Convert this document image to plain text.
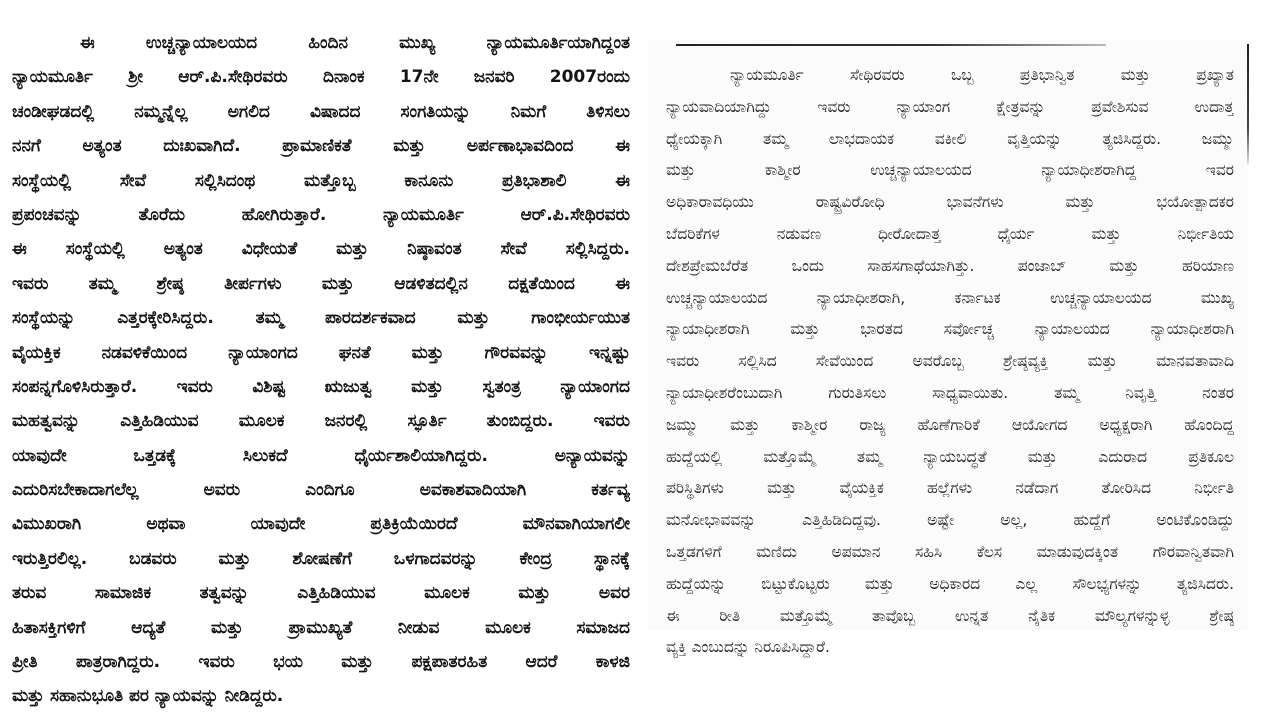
ಈ ಉಚ್ಚನ್ಯಾಯಾಲಯದ ಹಿಂದಿನ ಮುಖ್ಯ ನ್ಯಾಯಮೂರ್ತಿಯಾಗಿದ್ದಂತ
ನ್ಯಾಯಮೂರ್ತಿ ಶ್ರೀ ಆರ್.ಪಿ.ಸೇಥಿರವರು ದಿನಾಂಕ 17ನೇ ಜನವರಿ 2007ರಂದು
ಚಂಡೀಘಡದಲ್ಲಿ ನಮ್ಮನ್ನೆಲ್ಲ ಅಗಲಿದ ವಿಷಾದದ ಸಂಗತಿಯನ್ನು ನಿಮಗೆ ತಿಳಿಸಲು
ನನಗೆ ಅತ್ಯಂತ ದುಃಖವಾಗಿದೆ. ಪ್ರಾಮಾಣಿಕತೆ ಮತ್ತು ಅರ್ಪಣಾಭಾವದಿಂದ ಈ
ಸಂಸ್ಥೆಯಲ್ಲಿ ಸೇವೆ ಸಲ್ಲಿಸಿದಂಥ ಮತ್ತೊಬ್ಬ ಕಾನೂನು ಪ್ರತಿಭಾಶಾಲಿ ಈ
ಪ್ರಪಂಚವನ್ನು ತೊರೆದು ಹೋಗಿರುತ್ತಾರೆ. ನ್ಯಾಯಮೂರ್ತಿ ಆರ್.ಪಿ.ಸೇಥಿರವರು
ಈ ಸಂಸ್ಥೆಯಲ್ಲಿ ಅತ್ಯಂತ ವಿಧೇಯತೆ ಮತ್ತು ನಿಷ್ಠಾವಂತ ಸೇವೆ ಸಲ್ಲಿಸಿದ್ದರು.
ಇವರು ತಮ್ಮ ಶ್ರೇಷ್ಠ ತೀರ್ಪಗಳು ಮತ್ತು ಆಡಳಿತದಲ್ಲಿನ ದಕ್ಷತೆಯಿಂದ ಈ
ಸಂಸ್ಥೆಯನ್ನು ಎತ್ತರಕ್ಕೇರಿಸಿದ್ದರು. ತಮ್ಮ ಪಾರದರ್ಶಕವಾದ ಮತ್ತು ಗಾಂಭೀರ್ಯಯುತ
ವೈಯಕ್ತಿಕ ನಡವಳಿಕೆಯಿಂದ ನ್ಯಾಯಾಂಗದ ಘನತೆ ಮತ್ತು ಗೌರವವನ್ನು ಇನ್ನಷ್ಟು
ಸಂಪನ್ನಗೊಳಿಸಿರುತ್ತಾರೆ. ಇವರು ವಿಶಿಷ್ಟ ಋಜುತ್ವ ಮತ್ತು ಸ್ವತಂತ್ರ ನ್ಯಾಯಾಂಗದ
ಮಹತ್ವವನ್ನು ಎತ್ತಿಹಿಡಿಯುವ ಮೂಲಕ ಜನರಲ್ಲಿ ಸ್ಫೂರ್ತಿ ತುಂಬಿದ್ದರು. ಇವರು
ಯಾವುದೇ ಒತ್ತಡಕ್ಕೆ ಸಿಲುಕದೆ ಧೈರ್ಯಶಾಲಿಯಾಗಿದ್ದರು. ಅನ್ಯಾಯವನ್ನು
ಎದುರಿಸಬೇಕಾದಾಗಲೆಲ್ಲ ಅವರು ಎಂದಿಗೂ ಅವಕಾಶವಾದಿಯಾಗಿ ಕರ್ತವ್ಯ
ವಿಮುಖರಾಗಿ ಅಥವಾ ಯಾವುದೇ ಪ್ರತಿಕ್ರಿಯೆಯಿರದೆ ಮೌನವಾಗಿಯಾಗಲೀ
ಇರುತ್ತಿರಲಿಲ್ಲ. ಬಡವರು ಮತ್ತು ಶೋಷಣೆಗೆ ಒಳಗಾದವರನ್ನು ಕೇಂದ್ರ ಸ್ಥಾನಕ್ಕೆ
ತರುವ ಸಾಮಾಜಿಕ ತತ್ವವನ್ನು ಎತ್ತಿಹಿಡಿಯುವ ಮೂಲಕ ಮತ್ತು ಅವರ
ಹಿತಾಸಕ್ತಿಗಳಿಗೆ ಆದ್ಯತೆ ಮತ್ತು ಪ್ರಾಮುಖ್ಯತೆ ನೀಡುವ ಮೂಲಕ ಸಮಾಜದ
ಪ್ರೀತಿ ಪಾತ್ರರಾಗಿದ್ದರು. ಇವರು ಭಯ ಮತ್ತು ಪಕ್ಷಪಾತರಹಿತ ಆದರೆ ಕಾಳಜಿ
ಮತ್ತು ಸಹಾನುಭೂತಿ ಪರ ನ್ಯಾಯವನ್ನು ನೀಡಿದ್ದರು.
ನ್ಯಾಯಮೂರ್ತಿ ಸೇಥಿರವರು ಒಬ್ಬ ಪ್ರತಿಭಾನ್ವಿತ ಮತ್ತು ಪ್ರಖ್ಯಾತ
ನ್ಯಾಯವಾದಿಯಾಗಿದ್ದು ಇವರು ನ್ಯಾಯಾಂಗ ಕ್ಷೇತ್ರವನ್ನು ಪ್ರವೇಶಿಸುವ ಉದಾತ್ತ
ಧ್ಯೇಯಕ್ಕಾಗಿ ತಮ್ಮ ಲಾಭದಾಯಕ ವಕೀಲಿ ವೃತ್ತಿಯನ್ನು ತ್ಯಜಿಸಿದ್ದರು. ಜಮ್ಮು
ಮತ್ತು ಕಾಶ್ಮೀರ ಉಚ್ಚನ್ಯಾಯಾಲಯದ ನ್ಯಾಯಾಧೀಶರಾಗಿದ್ದ ಇವರ
ಅಧಿಕಾರಾವಧಿಯು ರಾಷ್ಟ್ರವಿರೋಧಿ ಭಾವನೆಗಳು ಮತ್ತು ಭಯೋತ್ಪಾದಕರ
ಬೆದರಿಕೆಗಳ ನಡುವಣ ಧೀರೋದಾತ್ತ ಧೈರ್ಯ ಮತ್ತು ನಿರ್ಭೀತಿಯ
ದೇಶಪ್ರೇಮಬೆರೆತ ಒಂದು ಸಾಹಸಗಾಥೆಯಾಗಿತ್ತು. ಪಂಜಾಬ್ ಮತ್ತು ಹರಿಯಾಣ
ಉಚ್ಚನ್ಯಾಯಾಲಯದ ನ್ಯಾಯಾಧೀಶರಾಗಿ, ಕರ್ನಾಟಕ ಉಚ್ಚನ್ಯಾಯಾಲಯದ ಮುಖ್ಯ
ನ್ಯಾಯಾಧೀಶರಾಗಿ ಮತ್ತು ಭಾರತದ ಸರ್ವೋಚ್ಚ ನ್ಯಾಯಾಲಯದ ನ್ಯಾಯಾಧೀಶರಾಗಿ
ಇವರು ಸಲ್ಲಿಸಿದ ಸೇವೆಯಿಂದ ಅವರೊಬ್ಬ ಶ್ರೇಷ್ಠವ್ಯಕ್ತಿ ಮತ್ತು ಮಾನವತಾವಾದಿ
ನ್ಯಾಯಾಧೀಶರೆಂಬುದಾಗಿ ಗುರುತಿಸಲು ಸಾಧ್ಯವಾಯಿತು. ತಮ್ಮ ನಿವೃತ್ತಿ ನಂತರ
ಜಮ್ಮು ಮತ್ತು ಕಾಶ್ಮೀರ ರಾಜ್ಯ ಹೊಣೆಗಾರಿಕೆ ಆಯೋಗದ ಅಧ್ಯಕ್ಷರಾಗಿ ಹೊಂದಿದ್ದ
ಹುದ್ದೆಯಲ್ಲಿ ಮತ್ತೊಮ್ಮೆ ತಮ್ಮ ನ್ಯಾಯಬದ್ಧತೆ ಮತ್ತು ಎದುರಾದ ಪ್ರತಿಕೂಲ
ಪರಿಸ್ಥಿತಿಗಳು ಮತ್ತು ವೈಯಕ್ತಿಕ ಹಲ್ಲೆಗಳು ನಡೆದಾಗ ತೋರಿಸಿದ ನಿರ್ಭೀತಿ
ಮನೋಭಾವವನ್ನು ಎತ್ತಿಹಿಡಿದಿದ್ದವು. ಅಷ್ಟೇ ಅಲ್ಲ, ಹುದ್ದೆಗೆ ಅಂಟಿಕೊಂಡಿದ್ದು
ಒತ್ತಡಗಳಿಗೆ ಮಣಿದು ಅಪಮಾನ ಸಹಿಸಿ ಕೆಲಸ ಮಾಡುವುದಕ್ಕಿಂತ ಗೌರವಾನ್ವಿತವಾಗಿ
ಹುದ್ದೆಯನ್ನು ಬಿಟ್ಟುಕೊಟ್ಟರು ಮತ್ತು ಅಧಿಕಾರದ ಎಲ್ಲ ಸೌಲಭ್ಯಗಳನ್ನು ತ್ಯಜಿಸಿದರು.
ಈ ರೀತಿ ಮತ್ತೊಮ್ಮೆ ತಾವೊಬ್ಬ ಉನ್ನತ ನೈತಿಕ ಮೌಲ್ಯಗಳನ್ನುಳ್ಳ ಶ್ರೇಷ್ಠ
ವ್ಯಕ್ತಿ ಎಂಬುದನ್ನು ನಿರೂಪಿಸಿದ್ದಾರೆ.
